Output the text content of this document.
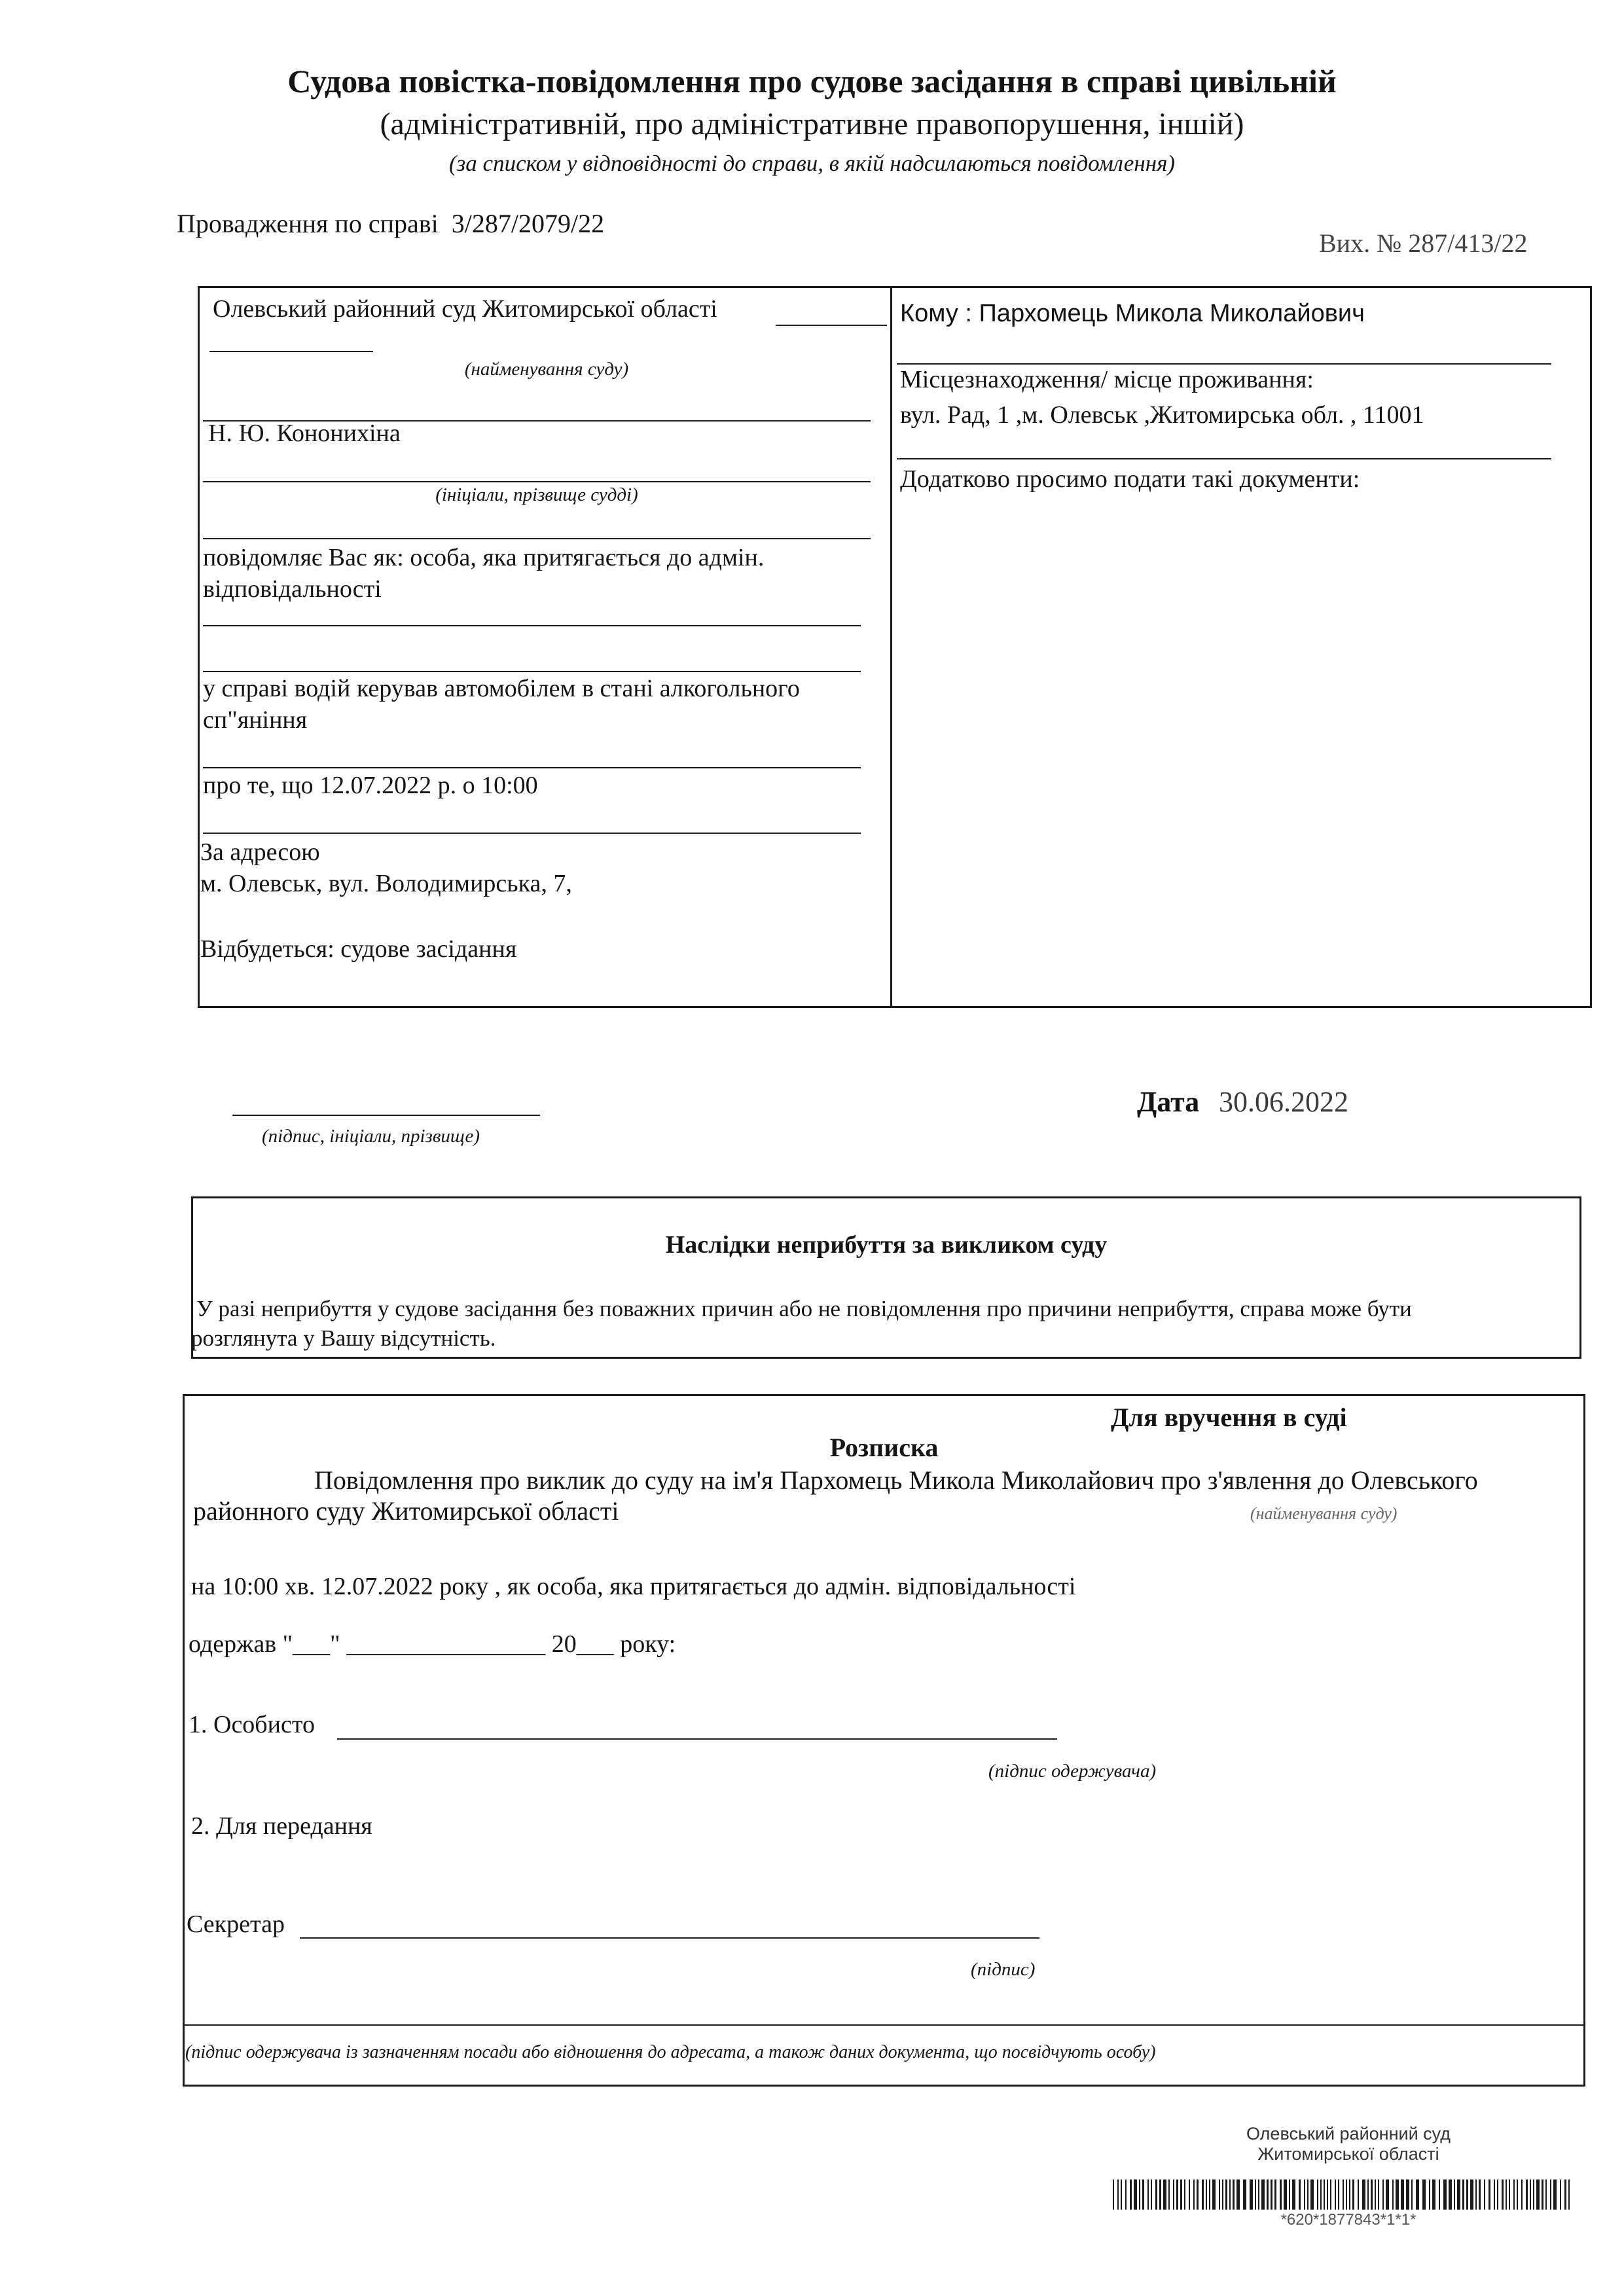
Судова повістка-повідомлення про судове засідання в справі цивільній
(адміністративній, про адміністративне правопорушення, іншій)
(за списком у відповідності до справи, в якій надсилаються повідомлення)
Провадження по справі 3/287/2079/22
Вих. № 287/413/22
Олевський районний суд Житомирської області
(найменування суду)
Н. Ю. Кононихіна
(ініціали, прізвище судді)
повідомляє Вас як: особа, яка притягається до адмін.
відповідальності
у справі водій керував автомобілем в стані алкогольного
сп"яніння
про те, що 12.07.2022 р. о 10:00
За адресою
м. Олевськ, вул. Володимирська, 7,
Відбудеться: судове засідання
Кому : Пархомець Микола Миколайович
Місцезнаходження/ місце проживання:
вул. Рад, 1 ,м. Олевськ ,Житомирська обл. , 11001
Додатково просимо подати такі документи:
(підпис, ініціали, прізвище)
Дата 30.06.2022
Наслідки неприбуття за викликом суду
У разі неприбуття у судове засідання без поважних причин або не повідомлення про причини неприбуття, справа може бути
розглянута у Вашу відсутність.
Для вручення в суді
Розписка
Повідомлення про виклик до суду на ім'я Пархомець Микола Миколайович про з'явлення до Олевського
районного суду Житомирської області	(найменування суду)
на 10:00 хв. 12.07.2022 року , як особа, яка притягається до адмін. відповідальності
одержав "___" ________________ 20___ року:
1. Особисто
(підпис одержувача)
2. Для передання
Секретар
(підпис)
(підпис одержувача із зазначенням посади або відношення до адресата, а також даних документа, що посвідчують особу)
Олевський районний суд
Житомирської області
*620*1877843*1*1*
